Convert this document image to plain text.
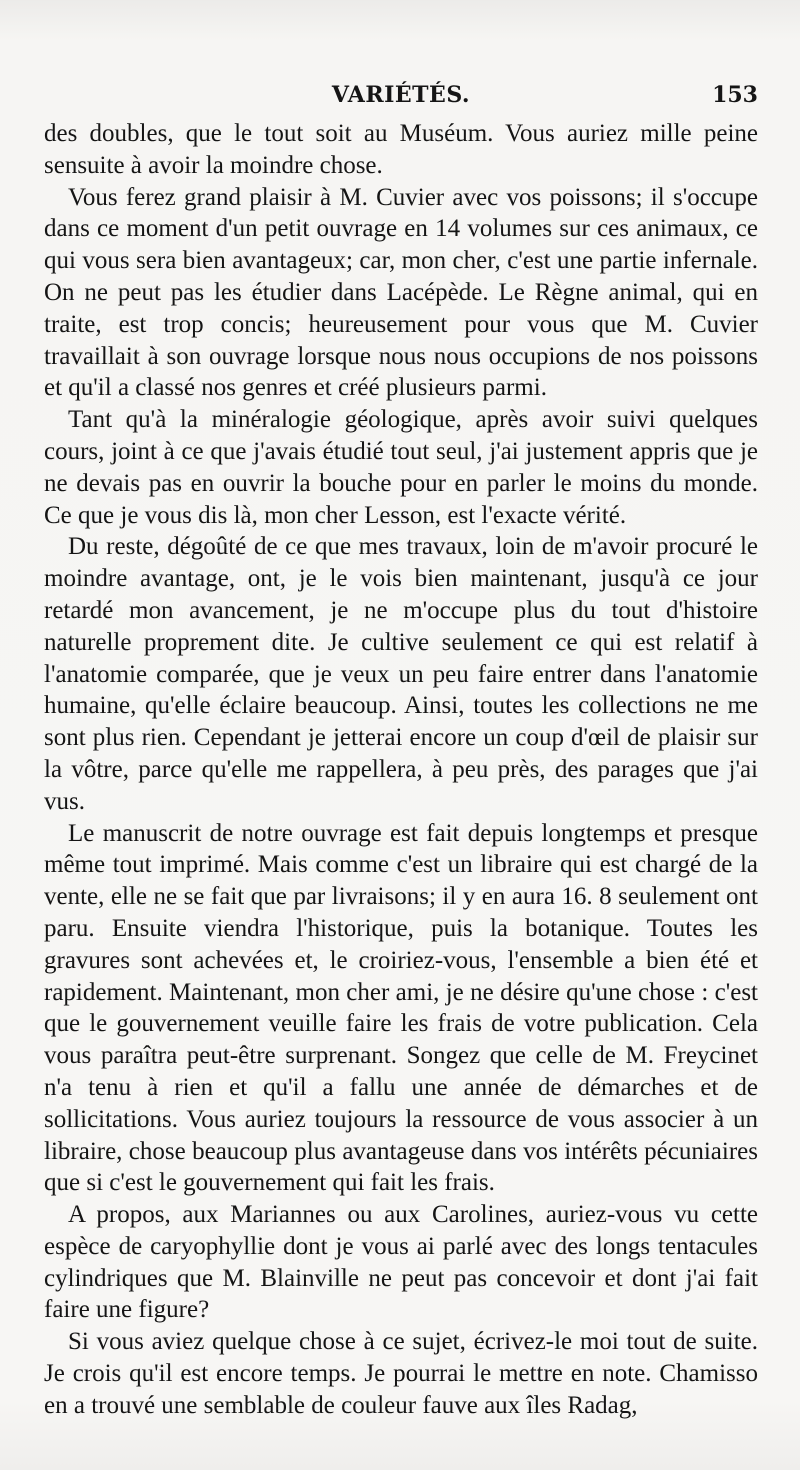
VARIÉTÉS.	153

des doubles, que le tout soit au Muséum. Vous auriez mille peine sensuite à avoir la moindre chose.

Vous ferez grand plaisir à M. Cuvier avec vos poissons; il s'occupe dans ce moment d'un petit ouvrage en 14 volumes sur ces animaux, ce qui vous sera bien avantageux; car, mon cher, c'est une partie infernale. On ne peut pas les étudier dans Lacépède. Le Règne animal, qui en traite, est trop concis; heureusement pour vous que M. Cuvier travaillait à son ouvrage lorsque nous nous occupions de nos poissons et qu'il a classé nos genres et créé plusieurs parmi.

Tant qu'à la minéralogie géologique, après avoir suivi quelques cours, joint à ce que j'avais étudié tout seul, j'ai justement appris que je ne devais pas en ouvrir la bouche pour en parler le moins du monde. Ce que je vous dis là, mon cher Lesson, est l'exacte vérité.

Du reste, dégoûté de ce que mes travaux, loin de m'avoir procuré le moindre avantage, ont, je le vois bien maintenant, jusqu'à ce jour retardé mon avancement, je ne m'occupe plus du tout d'histoire naturelle proprement dite. Je cultive seulement ce qui est relatif à l'anatomie comparée, que je veux un peu faire entrer dans l'anatomie humaine, qu'elle éclaire beaucoup. Ainsi, toutes les collections ne me sont plus rien. Cependant je jetterai encore un coup d'œil de plaisir sur la vôtre, parce qu'elle me rappellera, à peu près, des parages que j'ai vus.

Le manuscrit de notre ouvrage est fait depuis longtemps et presque même tout imprimé. Mais comme c'est un libraire qui est chargé de la vente, elle ne se fait que par livraisons; il y en aura 16. 8 seulement ont paru. Ensuite viendra l'historique, puis la botanique. Toutes les gravures sont achevées et, le croiriez-vous, l'ensemble a bien été et rapidement. Maintenant, mon cher ami, je ne désire qu'une chose : c'est que le gouvernement veuille faire les frais de votre publication. Cela vous paraîtra peut-être surprenant. Songez que celle de M. Freycinet n'a tenu à rien et qu'il a fallu une année de démarches et de sollicitations. Vous auriez toujours la ressource de vous associer à un libraire, chose beaucoup plus avantageuse dans vos intérêts pécuniaires que si c'est le gouvernement qui fait les frais.

A propos, aux Mariannes ou aux Carolines, auriez-vous vu cette espèce de caryophyllie dont je vous ai parlé avec des longs tentacules cylindriques que M. Blainville ne peut pas concevoir et dont j'ai fait faire une figure?

Si vous aviez quelque chose à ce sujet, écrivez-le moi tout de suite. Je crois qu'il est encore temps. Je pourrai le mettre en note. Chamisso en a trouvé une semblable de couleur fauve aux îles Radag,
